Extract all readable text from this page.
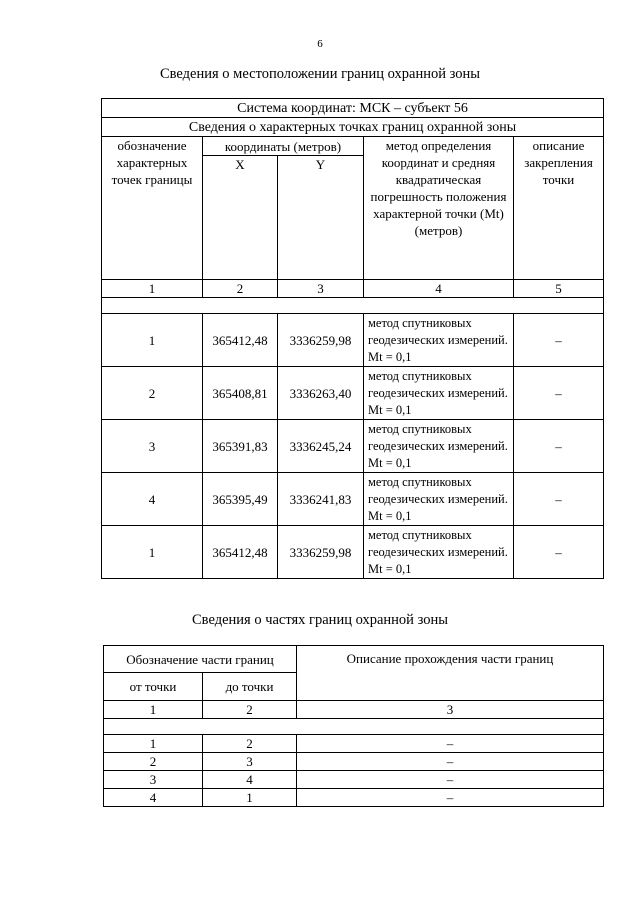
6
Сведения о местоположении границ охранной зоны
Система координат: МСК – субъект 56				
Сведения о характерных точках границ охранной зоны				
обозначение характерных точек границы	координаты (метров)		метод определения координат и средняя квадратическая погрешность положения характерной точки (Mt) (метров)	описание закрепления точки
	X	Y		
1	2	3	4	5

1	365412,48	3336259,98	метод спутниковых геодезических измерений. Mt = 0,1	–
2	365408,81	3336263,40	метод спутниковых геодезических измерений. Mt = 0,1	–
3	365391,83	3336245,24	метод спутниковых геодезических измерений. Mt = 0,1	–
4	365395,49	3336241,83	метод спутниковых геодезических измерений. Mt = 0,1	–
1	365412,48	3336259,98	метод спутниковых геодезических измерений. Mt = 0,1	–
Сведения о частях границ охранной зоны
Обозначение части границ		Описание прохождения части границ
от точки	до точки	
1	2	3

1	2	–
2	3	–
3	4	–
4	1	–
